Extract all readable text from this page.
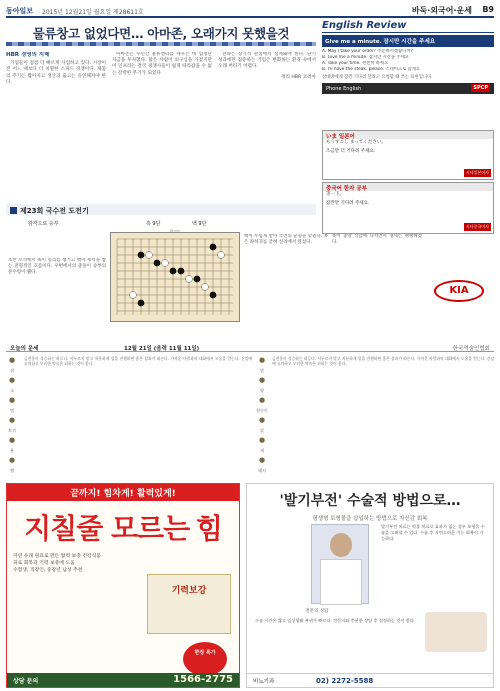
동아일보 2015년 12월21일 월요일 제28611호	바둑·외국어·운세 B9
물류창고 없었다면… 아마존, 오래가지 못했을것
HBR 경영의 지혜

기업들이 점점 더 빠르게 사업하고 있다. 시장이 전 어느 때보다 더 치열한 스피드 경쟁이다. 제품의 주기는 짧아지고 생산과 출고는 유연해져야 한다.

아마존은 수년간 물류센터를 세우는 데 엄청난 자금을 투자했다. 많은 사람이 의구심을 가졌지만 이 인프라는 결국 경쟁사들이 쉽게 따라잡을 수 없는 강력한 무기가 되었다.

전략은 장기적 관점에서 설계돼야 한다. 단기 성과에만 집중하는 기업은 변화하는 환경 속에서 오래 버티기 어렵다.

정리 HBR 코리아

English Review
Give me a minute. 잠시만 시간을 주세요
A. May I take your order? 주문하시겠습니까?
B. Give me a minute. 잠시만 시간을 주세요
A. Take your time. 천천히 하세요
B. I'll have the steak, please. 스테이크로 할게요
상대방에게 잠깐 기다려 달라고 요청할 때 쓰는 표현입니다.
Phone English	SPCP
いま 일본어
もうすこし まってください。
조금만 더 기다려 주세요.
시사일본어사
중국어 한자 공부
等一下。
잠깐만 기다려 주세요.
시사중국어사
제23회 국수전 도전기
감각으로 승부	흑 9단	백 9단
초반 포석에서 흑이 실리를 챙기고 백이 세력을 쌓는 전형적인 흐름이다. 우변에서의 충돌이 승부의 분수령이 됐다.
백이 두텁게 받아 국면의 균형을 맞췄다. 흑은 좌하귀를 굳혀 실리에서 앞섰다.
흑이 중앙 삭감에 나서면서 형세는 팽팽해졌다.
KIA
오늘의 운세	12월 21일 (음력 11월 11일)	한국역술인협회
●
쥐
●
소
●
범
●
토끼
●
용
●
뱀
●
말
●
양
●
원숭이
●
닭
●
개
●
돼지
금전운이 상승하는 하루다. 서두르지 말고 차분하게 일을 진행하면 좋은 결과가 따른다. 가까운 사람과의 대화에서 도움을 얻는다. 건강에 유의하고 무리한 약속은 피하는 것이 좋다.
금전운이 상승하는 하루다. 서두르지 말고 차분하게 일을 진행하면 좋은 결과가 따른다. 가까운 사람과의 대화에서 도움을 얻는다. 건강에 유의하고 무리한 약속은 피하는 것이 좋다.
끝까지! 힘차게! 활력있게!
지칠줄 모르는 힘
자연 유래 원료로 만든 활력 보충 건강식품
피로 회복과 기력 보충에 도움
수험생, 직장인, 중장년 남성 추천
기력보강
한정 특가
상담 문의	1566-2775
'발기부전' 수술적 방법으로…
평생형 보형물을 삽입하는 방법으로 자신감 회복
전문의 상담
발기부전 치료는 약물 치료로 효과가 없는 경우 보형물 수술을 고려할 수 있다. 수술 후 자연스러운 기능 회복이 가능하다.
수술 시간은 짧고 일상생활 복귀가 빠르다. 전문의와 충분한 상담 후 결정하는 것이 좋다.
비뇨기과	02) 2272-5588
